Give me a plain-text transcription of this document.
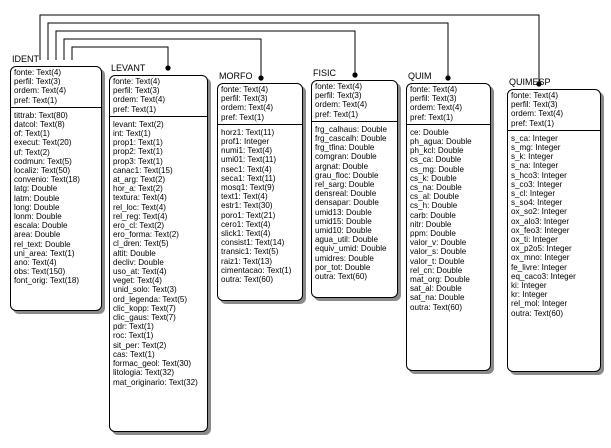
IDENT
fonte: Text(4)
perfil: Text(3)
ordem: Text(4)
pref: Text(1)
tittrab: Text(80)
datcol: Text(8)
of: Text(1)
execut: Text(20)
uf: Text(2)
codmun: Text(5)
localiz: Text(50)
convenio: Text(18)
latg: Double
latm: Double
long: Double
lonm: Double
escala: Double
area: Double
rel_text: Double
uni_area: Text(1)
ano: Text(4)
obs: Text(150)
font_orig: Text(18)
LEVANT
fonte: Text(4)
perfil: Text(3)
ordem: Text(4)
pref: Text(1)
levant: Text(2)
int: Text(1)
prop1: Text(1)
prop2: Text(1)
prop3: Text(1)
canac1: Text(15)
at_arg: Text(2)
hor_a: Text(2)
textura: Text(4)
rel_loc: Text(4)
rel_reg: Text(4)
ero_cl: Text(2)
ero_forma: Text(2)
cl_dren: Text(5)
altit: Double
decliv: Double
uso_at: Text(4)
veget: Text(4)
unid_solo: Text(3)
ord_legenda: Text(5)
clic_kopp: Text(7)
clic_gaus: Text(7)
pdr: Text(1)
roc: Text(1)
sit_per: Text(2)
cas: Text(1)
formac_geol: Text(30)
litologia: Text(32)
mat_originario: Text(32)
MORFO
fonte: Text(4)
perfil: Text(3)
ordem: Text(4)
pref: Text(1)
horz1: Text(11)
prof1: Integer
numi1: Text(4)
umi01: Text(11)
nsec1: Text(4)
seca1: Text(11)
mosq1: Text(9)
text1: Text(4)
estr1: Text(30)
poro1: Text(21)
cero1: Text(4)
slick1: Text(4)
consist1: Text(14)
transic1: Text(5)
raiz1: Text(13)
cimentacao: Text(1)
outra: Text(60)
FISIC
fonte: Text(4)
perfil: Text(3)
ordem: Text(4)
pref: Text(1)
frg_calhaus: Double
frg_cascalh: Double
frg_tfina: Double
comgran: Double
argnat: Double
grau_floc: Double
rel_sarg: Double
densreal: Double
densapar: Double
umid13: Double
umid15: Double
umid10: Double
agua_util: Double
equiv_umid: Double
umidres: Double
por_tot: Double
outra: Text(60)
QUIM
fonte: Text(4)
perfil: Text(3)
ordem: Text(4)
pref: Text(1)
ce: Double
ph_agua: Double
ph_kcl: Double
cs_ca: Double
cs_mg: Double
cs_k: Double
cs_na: Double
cs_al: Double
cs_h: Double
carb: Double
nitr: Double
ppm: Double
valor_v: Double
valor_s: Double
valor_t: Double
rel_cn: Double
mat_org: Double
sat_al: Double
sat_na: Double
outra: Text(60)
QUIMESP
fonte: Text(4)
perfil: Text(3)
ordem: Text(4)
pref: Text(1)
s_ca: Integer
s_mg: Integer
s_k: Integer
s_na: Integer
s_hco3: Integer
s_co3: Integer
s_cl: Integer
s_so4: Integer
ox_so2: Integer
ox_alo3: Integer
ox_feo3: Integer
ox_ti: Integer
ox_p2o5: Integer
ox_mno: Integer
fe_livre: Integer
eq_caco3: Integer
ki: Integer
kr: Integer
rel_mol: Integer
outra: Text(60)
